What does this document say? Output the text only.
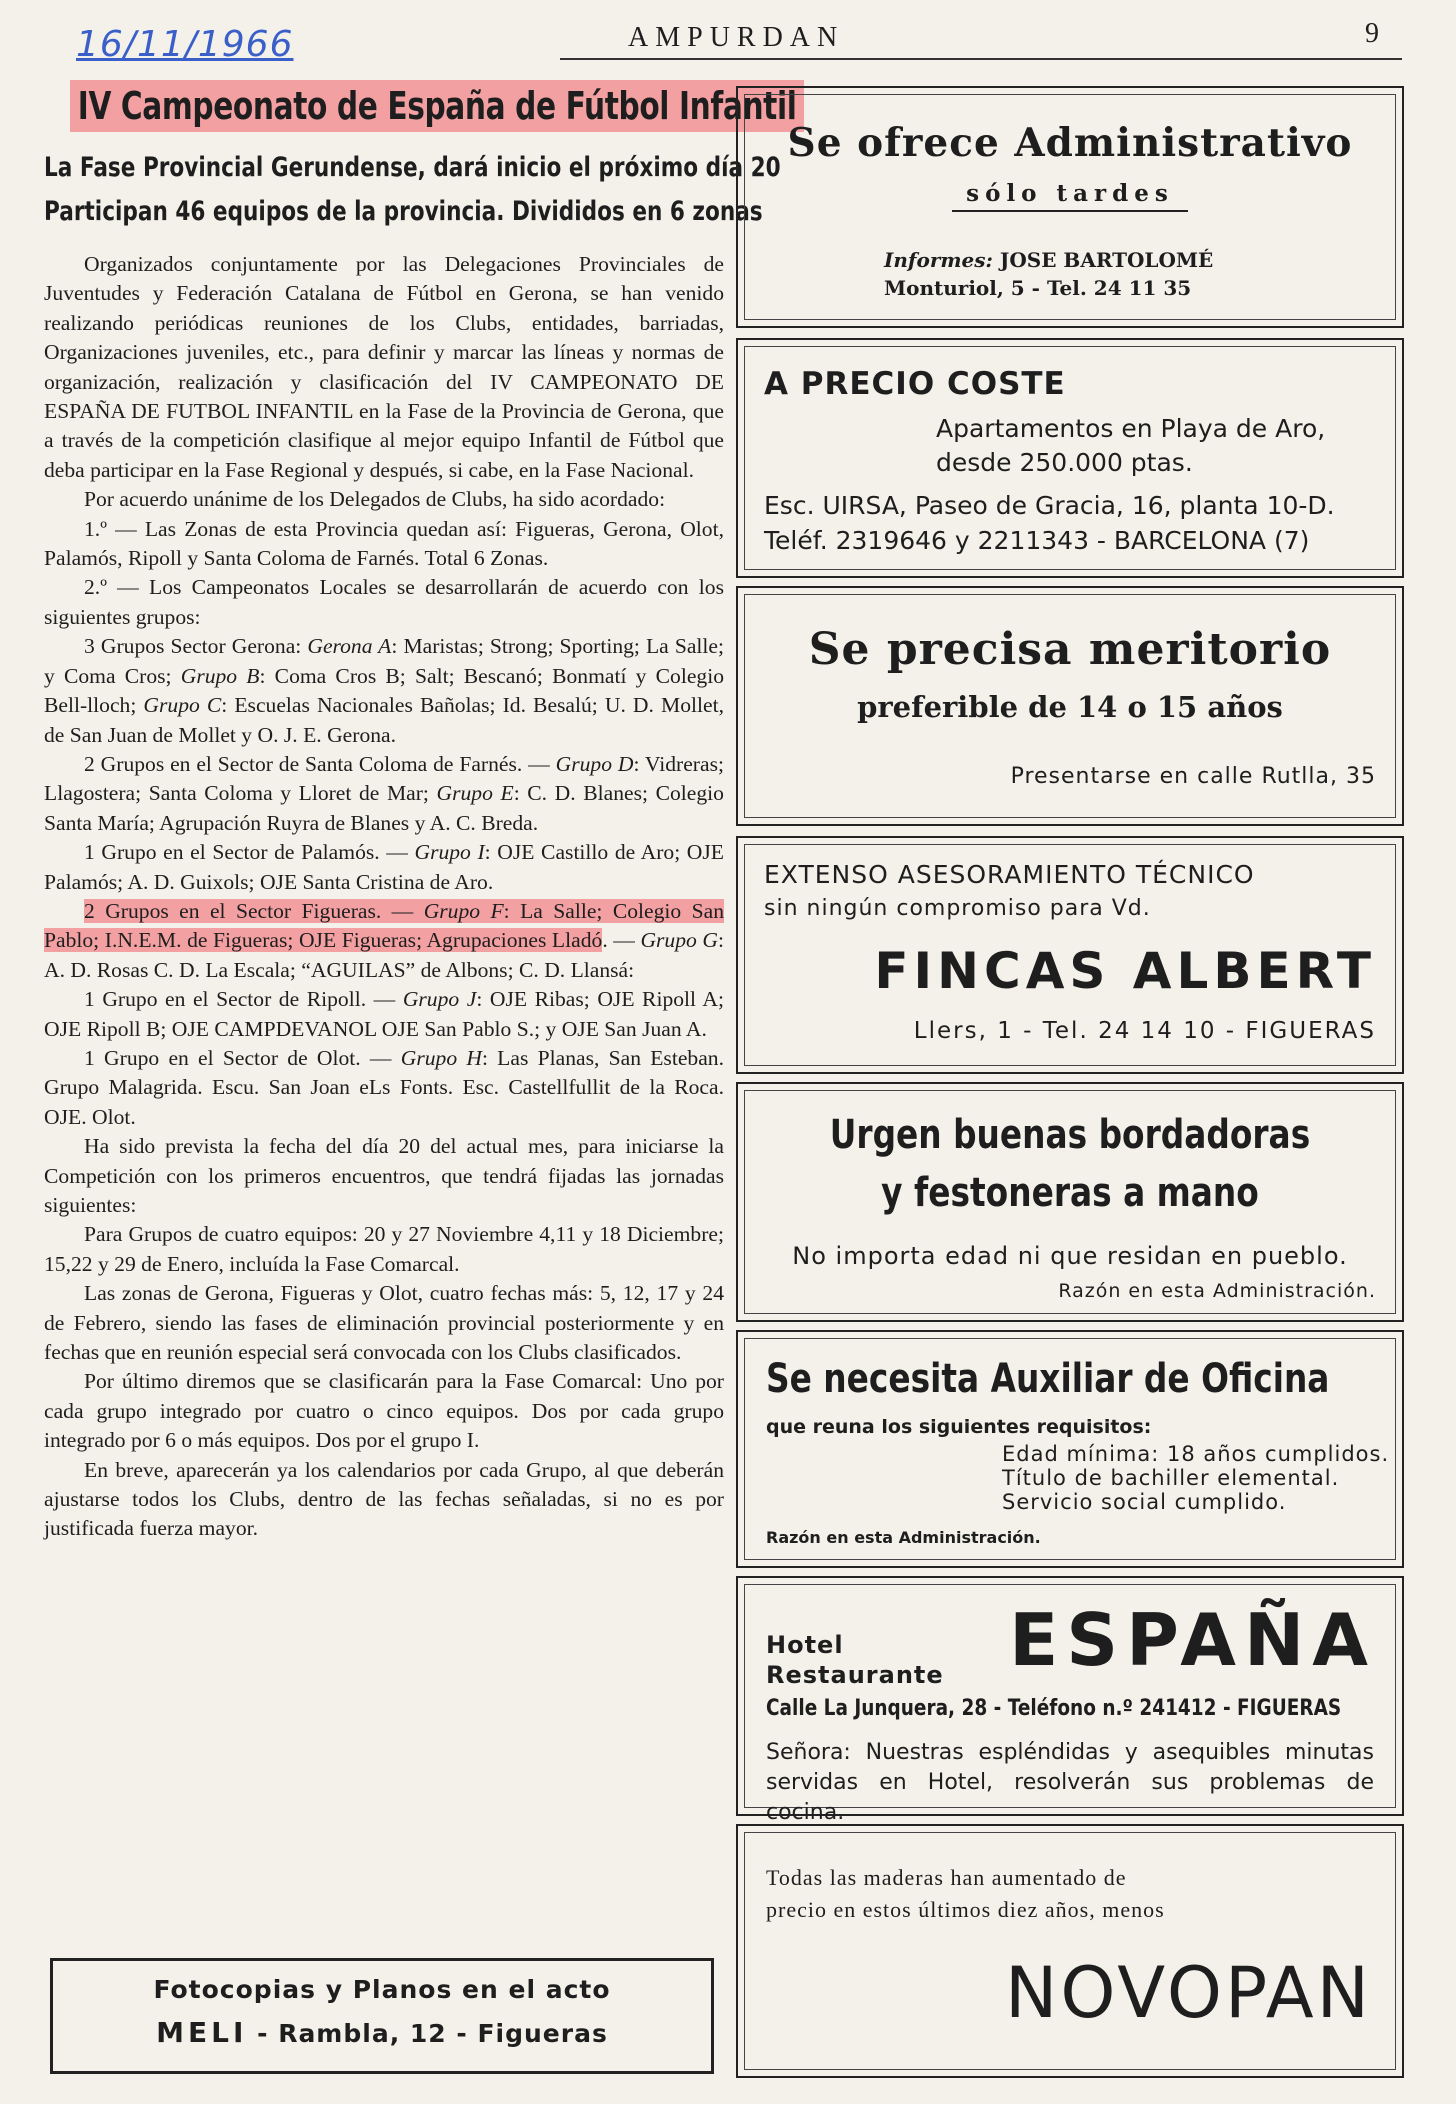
16/11/1966	AMPURDAN	9
IV Campeonato de España de Fútbol Infantil
La Fase Provincial Gerundense, dará inicio el próximo día 20
Participan 46 equipos de la provincia. Divididos en 6 zonas

Organizados conjuntamente por las Delegaciones Provinciales de Juventudes y Federación Catalana de Fútbol en Gerona, se han venido realizando periódicas reuniones de los Clubs, entidades, barriadas, Organizaciones juveniles, etc., para definir y marcar las líneas y normas de organización, realización y clasificación del IV CAMPEONATO DE ESPAÑA DE FUTBOL INFANTIL en la Fase de la Provincia de Gerona, que a través de la competición clasifique al mejor equipo Infantil de Fútbol que deba participar en la Fase Regional y después, si cabe, en la Fase Nacional.

Por acuerdo unánime de los Delegados de Clubs, ha sido acordado:

1.º — Las Zonas de esta Provincia quedan así: Figueras, Gerona, Olot, Palamós, Ripoll y Santa Coloma de Farnés. Total 6 Zonas.

2.º — Los Campeonatos Locales se desarrollarán de acuerdo con los siguientes grupos:

3 Grupos Sector Gerona: Gerona A: Maristas; Strong; Sporting; La Salle; y Coma Cros; Grupo B: Coma Cros B; Salt; Bescanó; Bonmatí y Colegio Bell-lloch; Grupo C: Escuelas Nacionales Bañolas; Id. Besalú; U. D. Mollet, de San Juan de Mollet y O. J. E. Gerona.

2 Grupos en el Sector de Santa Coloma de Farnés. — Grupo D: Vidreras; Llagostera; Santa Coloma y Lloret de Mar; Grupo E: C. D. Blanes; Colegio Santa María; Agrupación Ruyra de Blanes y A. C. Breda.

1 Grupo en el Sector de Palamós. — Grupo I: OJE Castillo de Aro; OJE Palamós; A. D. Guixols; OJE Santa Cristina de Aro.

2 Grupos en el Sector Figueras. — Grupo F: La Salle; Colegio San Pablo; I.N.E.M. de Figueras; OJE Figueras; Agrupaciones Lladó. — Grupo G: A. D. Rosas C. D. La Escala; “AGUILAS” de Albons; C. D. Llansá:

1 Grupo en el Sector de Ripoll. — Grupo J: OJE Ribas; OJE Ripoll A; OJE Ripoll B; OJE CAMPDEVANOL OJE San Pablo S.; y OJE San Juan A.

1 Grupo en el Sector de Olot. — Grupo H: Las Planas, San Esteban. Grupo Malagrida. Escu. San Joan eLs Fonts. Esc. Castellfullit de la Roca. OJE. Olot.

Ha sido prevista la fecha del día 20 del actual mes, para iniciarse la Competición con los primeros encuentros, que tendrá fijadas las jornadas siguientes:

Para Grupos de cuatro equipos: 20 y 27 Noviembre 4,11 y 18 Diciembre; 15,22 y 29 de Enero, incluída la Fase Comarcal.

Las zonas de Gerona, Figueras y Olot, cuatro fechas más: 5, 12, 17 y 24 de Febrero, siendo las fases de eliminación provincial posteriormente y en fechas que en reunión especial será convocada con los Clubs clasificados.

Por último diremos que se clasificarán para la Fase Comarcal: Uno por cada grupo integrado por cuatro o cinco equipos. Dos por cada grupo integrado por 6 o más equipos. Dos por el grupo I.

En breve, aparecerán ya los calendarios por cada Grupo, al que deberán ajustarse todos los Clubs, dentro de las fechas señaladas, si no es por justificada fuerza mayor.

Fotocopias y Planos en el acto
MELI - Rambla, 12 - Figueras
Se ofrece Administrativo
sólo tardes
Informes: JOSE BARTOLOMÉ
Monturiol, 5 - Tel. 24 11 35
A PRECIO COSTE
Apartamentos en Playa de Aro,
desde 250.000 ptas.
Esc. UIRSA, Paseo de Gracia, 16, planta 10-D.
Teléf. 2319646 y 2211343 - BARCELONA (7)
Se precisa meritorio
preferible de 14 o 15 años
Presentarse en calle Rutlla, 35
EXTENSO ASESORAMIENTO TÉCNICO
sin ningún compromiso para Vd.
FINCAS ALBERT
Llers, 1 - Tel. 24 14 10 - FIGUERAS
Urgen buenas bordadoras
y festoneras a mano
No importa edad ni que residan en pueblo.
Razón en esta Administración.
Se necesita Auxiliar de Oficina
que reuna los siguientes requisitos:
Edad mínima: 18 años cumplidos.
Título de bachiller elemental.
Servicio social cumplido.
Razón en esta Administración.
Hotel
Restaurante ESPAÑA
Calle La Junquera, 28 - Teléfono n.º 241412 - FIGUERAS
Señora: Nuestras espléndidas y asequibles minutas servidas en Hotel, resolverán sus problemas de cocina.
Todas las maderas han aumentado de
precio en estos últimos diez años, menos
NOVOPAN
